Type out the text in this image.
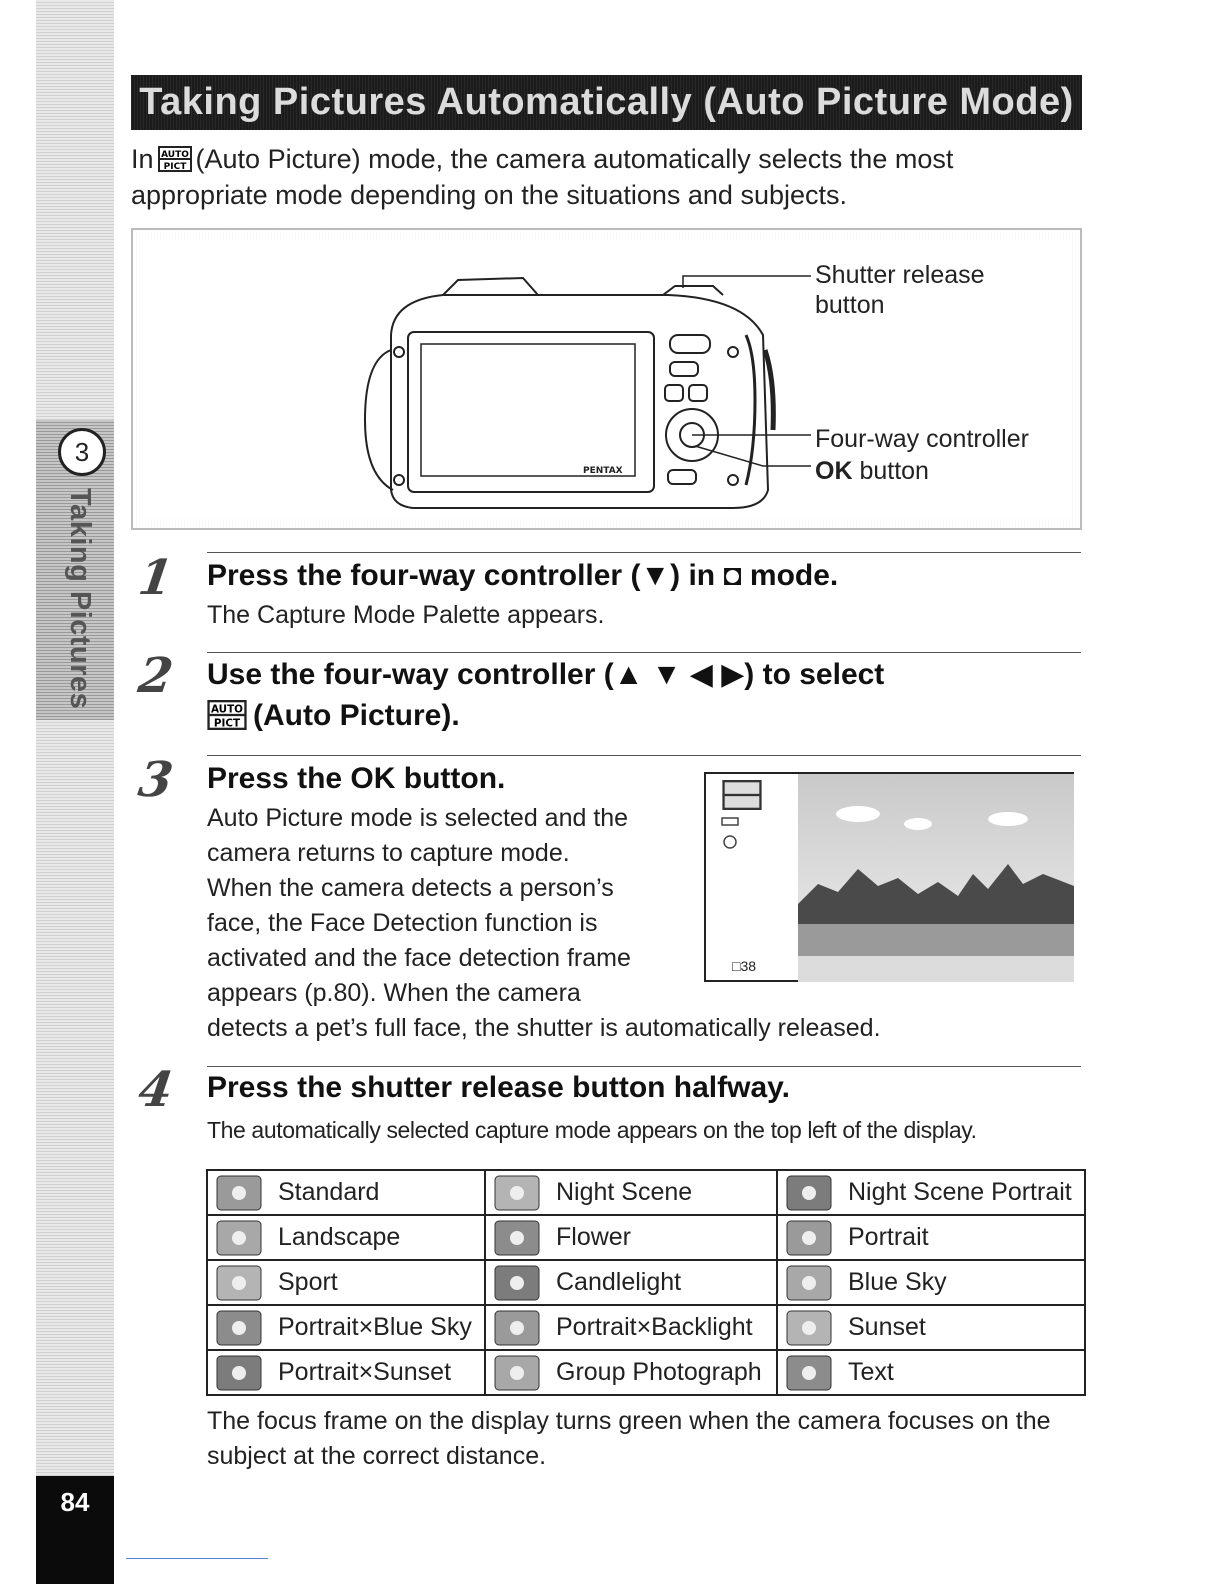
3
Taking Pictures
84
Taking Pictures Automatically (Auto Picture Mode)
In AUTO
PICT (Auto Picture) mode, the camera automatically selects the most appropriate mode depending on the situations and subjects.
PENTAX
Shutter release
button
Four-way controller
OK button
1 Press the four-way controller (▼) in ◘ mode.
The Capture Mode Palette appears.
2 Use the four-way controller (▲ ▼ ◀ ▶) to select
AUTO
PICT (Auto Picture).
3 Press the OK button.
Auto Picture mode is selected and the
camera returns to capture mode.
When the camera detects a person’s
face, the Face Detection function is
activated and the face detection frame
appears (p.80). When the camera
detects a pet’s full face, the shutter is automatically released.
□38
4 Press the shutter release button halfway.
The automatically selected capture mode appears on the top left of the display.
Standard	Night Scene	Night Scene Portrait

Landscape	Flower	Portrait

Sport	Candlelight	Blue Sky

Portrait×Blue Sky	Portrait×Backlight	Sunset

Portrait×Sunset	Group Photograph	Text
The focus frame on the display turns green when the camera focuses on the subject at the correct distance.
